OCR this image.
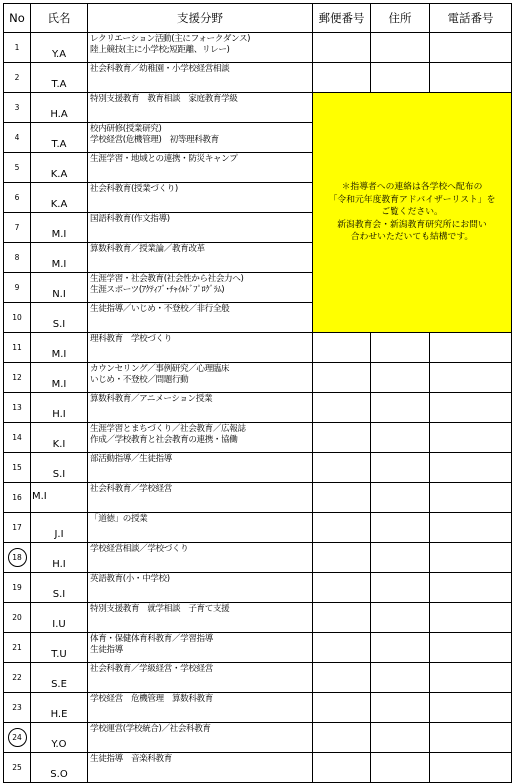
No	氏名	支援分野	郵便番号	住所	電話番号
1	Y.A	レクリエーション活動(主にフォークダンス)
陸上競技(主に小学校;短距離、リレー)			

2	T.A	社会科教育／幼稚園・小学校経営相談			

3	H.A	特別支援教育　教育相談　家庭教育学級	＊指導者への連絡は各学校へ配布の
「令和元年度教育アドバイザーリスト」を
ご覧ください。
新潟教育会・新潟教育研究所にお問い
合わせいただいても結構です。		

4	T.A	校内研修(授業研究)
学校経営(危機管理)　初等理科教育			

5	K.A	生涯学習・地域との連携・防災キャンプ			

6	K.A	社会科教育(授業づくり)			

7	M.I	国語科教育(作文指導)			

8	M.I	算数科教育／授業論／教育改革			

9	N.I	生涯学習・社会教育(社会性から社会力へ)
生涯スポーツ(ｱｸﾃｨﾌﾞ･ﾁｬｲﾙﾄﾞﾌﾟﾛｸﾞﾗﾑ)			

10	S.I	生徒指導／いじめ・不登校／非行全般			

11	M.I	理科教育　学校づくり			

12	M.I	カウンセリング／事例研究／心理臨床
いじめ・不登校／問題行動			

13	H.I	算数科教育／アニメーション授業			

14	K.I	生涯学習とまちづくり／社会教育／広報誌
作成／学校教育と社会教育の連携・協働			

15	S.I	部活動指導／生徒指導			

16	M.I	社会科教育／学校経営			

17	J.I	「道徳」の授業			

18	H.I	学校経営相談／学校づくり			

19	S.I	英語教育(小・中学校)			

20	I.U	特別支援教育　就学相談　子育て支援			

21	T.U	体育・保健体育科教育／学習指導
生徒指導			

22	S.E	社会科教育／学級経営・学校経営			

23	H.E	学校経営　危機管理　算数科教育			

24	Y.O	学校運営(学校統合)／社会科教育			

25	S.O	生徒指導　音楽科教育			
